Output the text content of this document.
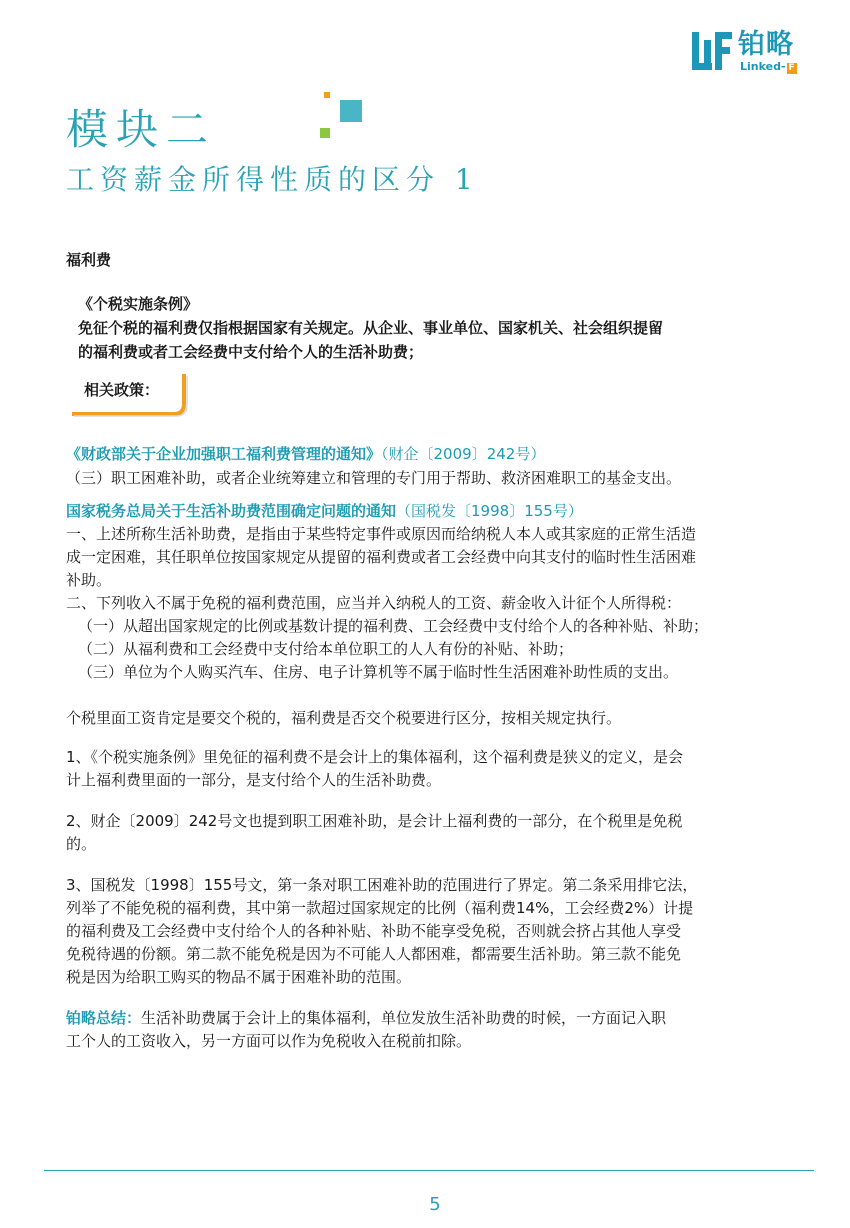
铂略
Linked- F
模块二
工资薪金所得性质的区分 1
福利费
《个税实施条例》
免征个税的福利费仅指根据国家有关规定。从企业、事业单位、国家机关、社会组织提留
的福利费或者工会经费中支付给个人的生活补助费；
相关政策：
《财政部关于企业加强职工福利费管理的通知》（财企〔2009〕242号）
（三）职工困难补助，或者企业统筹建立和管理的专门用于帮助、救济困难职工的基金支出。
国家税务总局关于生活补助费范围确定问题的通知（国税发〔1998〕155号）
一、上述所称生活补助费，是指由于某些特定事件或原因而给纳税人本人或其家庭的正常生活造
成一定困难，其任职单位按国家规定从提留的福利费或者工会经费中向其支付的临时性生活困难
补助。
二、下列收入不属于免税的福利费范围，应当并入纳税人的工资、薪金收入计征个人所得税：
（一）从超出国家规定的比例或基数计提的福利费、工会经费中支付给个人的各种补贴、补助；
（二）从福利费和工会经费中支付给本单位职工的人人有份的补贴、补助；
（三）单位为个人购买汽车、住房、电子计算机等不属于临时性生活困难补助性质的支出。
个税里面工资肯定是要交个税的，福利费是否交个税要进行区分，按相关规定执行。
1、《个税实施条例》里免征的福利费不是会计上的集体福利，这个福利费是狭义的定义，是会
计上福利费里面的一部分，是支付给个人的生活补助费。
2、财企〔2009〕242号文也提到职工困难补助，是会计上福利费的一部分，在个税里是免税
的。
3、国税发〔1998〕155号文，第一条对职工困难补助的范围进行了界定。第二条采用排它法，
列举了不能免税的福利费，其中第一款超过国家规定的比例（福利费14%，工会经费2%）计提
的福利费及工会经费中支付给个人的各种补贴、补助不能享受免税，否则就会挤占其他人享受
免税待遇的份额。第二款不能免税是因为不可能人人都困难，都需要生活补助。第三款不能免
税是因为给职工购买的物品不属于困难补助的范围。
铂略总结：生活补助费属于会计上的集体福利，单位发放生活补助费的时候，一方面记入职
工个人的工资收入，另一方面可以作为免税收入在税前扣除。
5
